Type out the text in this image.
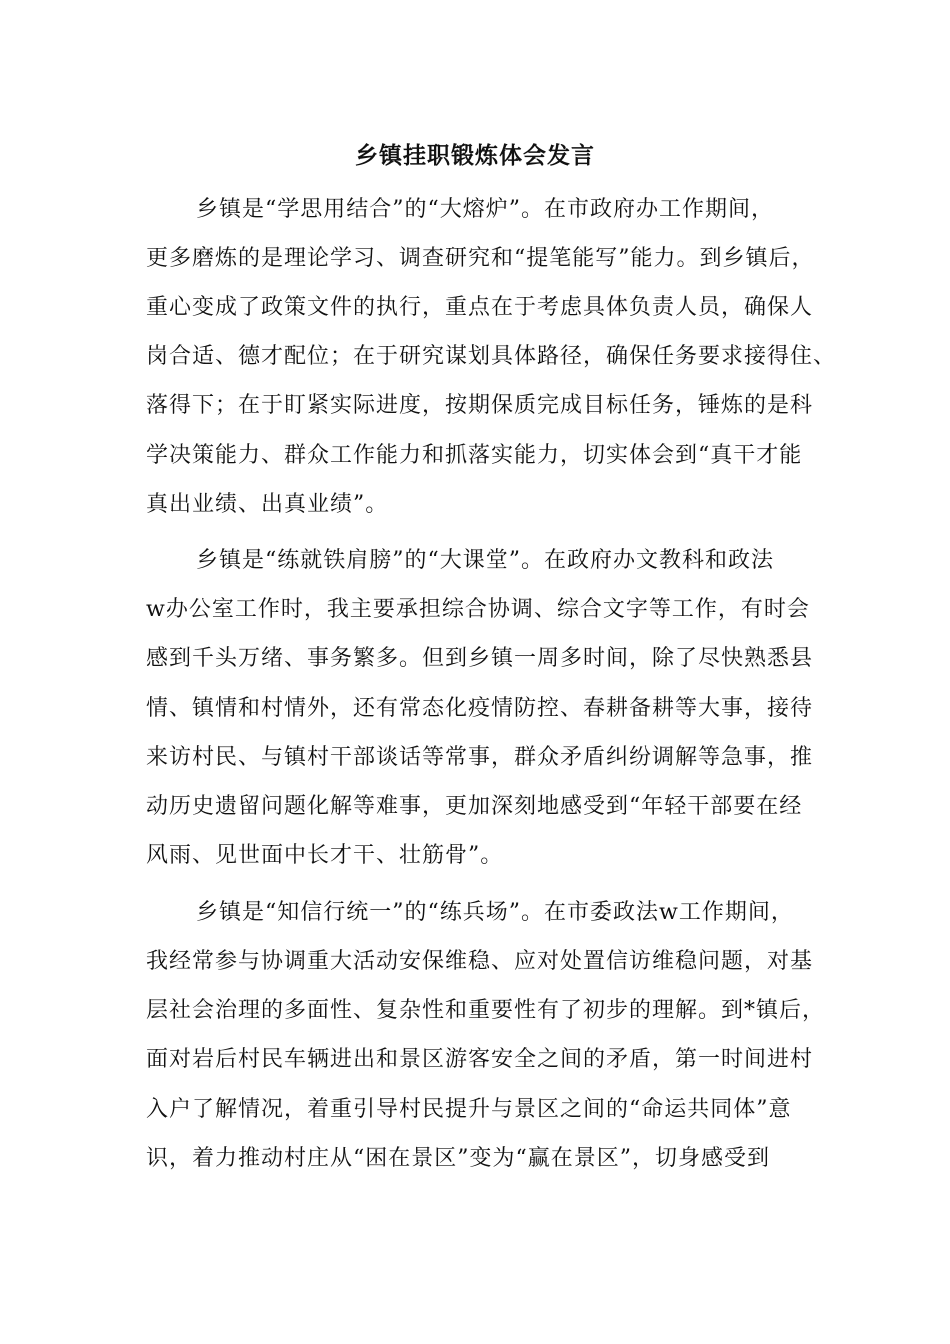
乡镇挂职锻炼体会发言
乡镇是“学思用结合”的“大熔炉”。在市政府办工作期间，
更多磨炼的是理论学习、调查研究和“提笔能写”能力。到乡镇后，
重心变成了政策文件的执行，重点在于考虑具体负责人员，确保人
岗合适、德才配位；在于研究谋划具体路径，确保任务要求接得住、
落得下；在于盯紧实际进度，按期保质完成目标任务，锤炼的是科
学决策能力、群众工作能力和抓落实能力，切实体会到“真干才能
真出业绩、出真业绩”。
乡镇是“练就铁肩膀”的“大课堂”。在政府办文教科和政法
w办公室工作时，我主要承担综合协调、综合文字等工作，有时会
感到千头万绪、事务繁多。但到乡镇一周多时间，除了尽快熟悉县
情、镇情和村情外，还有常态化疫情防控、春耕备耕等大事，接待
来访村民、与镇村干部谈话等常事，群众矛盾纠纷调解等急事，推
动历史遗留问题化解等难事，更加深刻地感受到“年轻干部要在经
风雨、见世面中长才干、壮筋骨”。
乡镇是“知信行统一”的“练兵场”。在市委政法w工作期间，
我经常参与协调重大活动安保维稳、应对处置信访维稳问题，对基
层社会治理的多面性、复杂性和重要性有了初步的理解。到*镇后，
面对岩后村民车辆进出和景区游客安全之间的矛盾，第一时间进村
入户了解情况，着重引导村民提升与景区之间的“命运共同体”意
识，着力推动村庄从“困在景区”变为“赢在景区”，切身感受到
